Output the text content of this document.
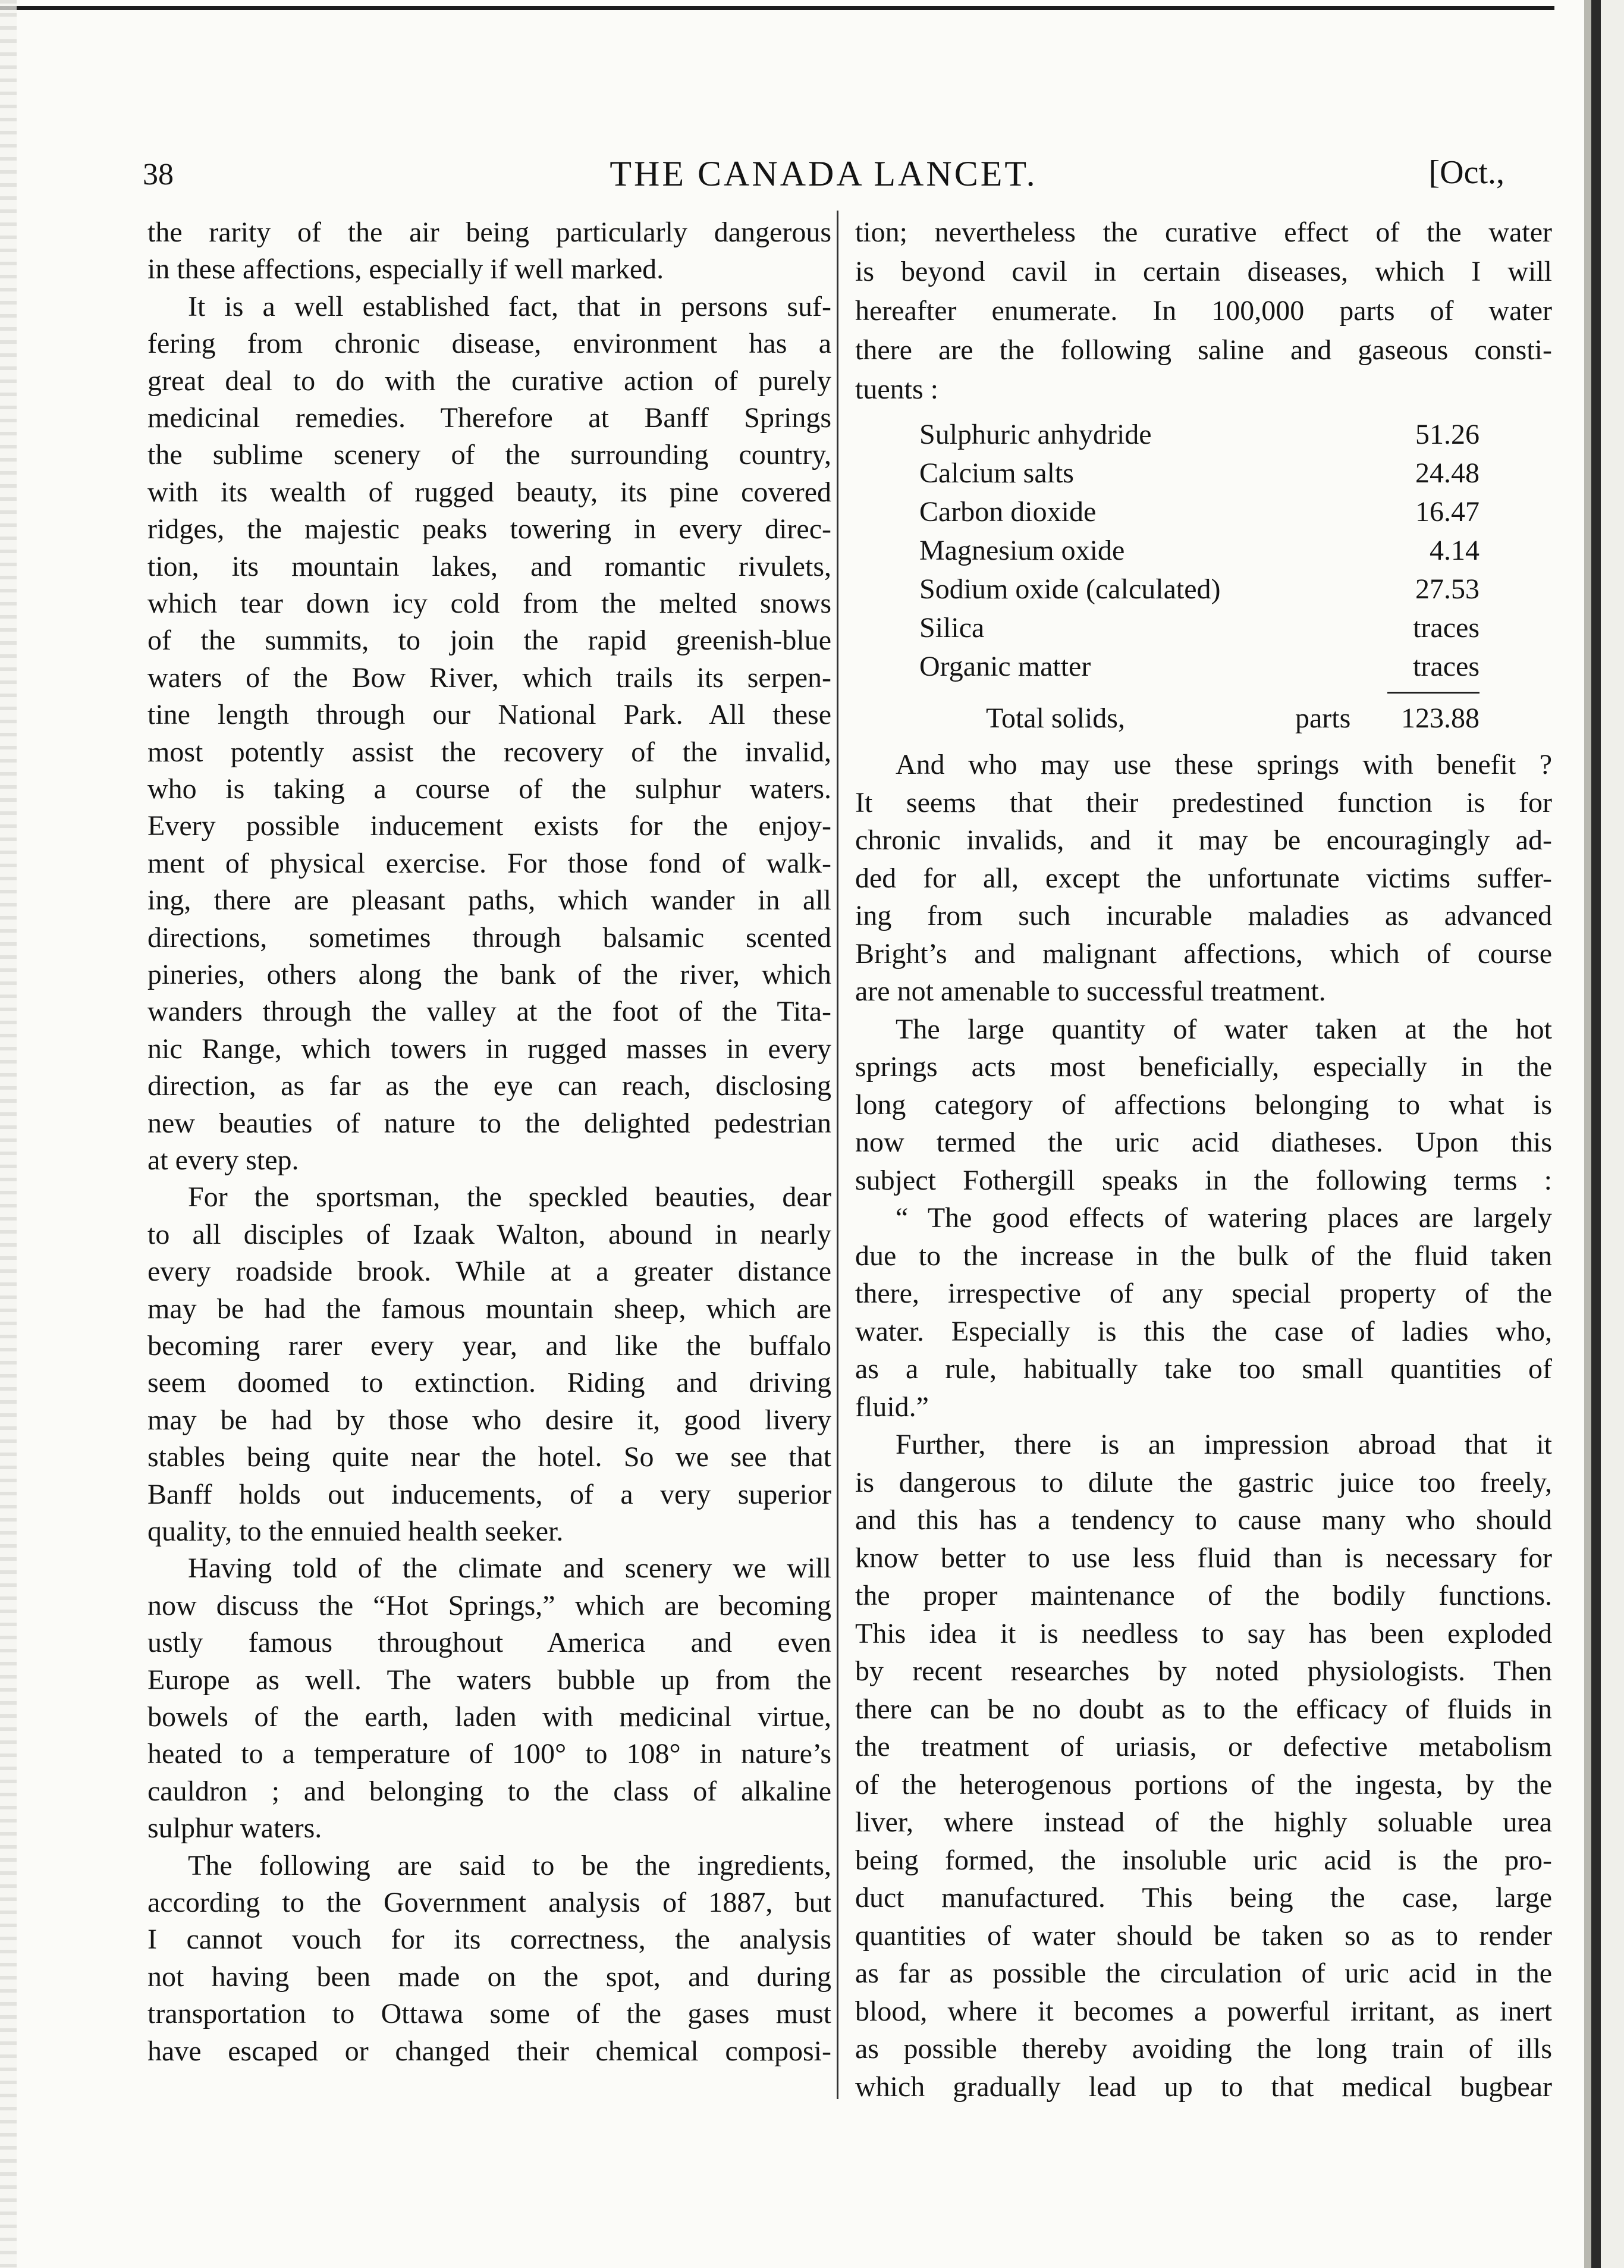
38	THE CANADA LANCET.	[Oct.,
the rarity of the air being particularly dangerous
in these affections, especially if well marked.
It is a well established fact, that in persons suf-
fering from chronic disease, environment has a
great deal to do with the curative action of purely
medicinal remedies. Therefore at Banff Springs
the sublime scenery of the surrounding country,
with its wealth of rugged beauty, its pine covered
ridges, the majestic peaks towering in every direc-
tion, its mountain lakes, and romantic rivulets,
which tear down icy cold from the melted snows
of the summits, to join the rapid greenish-blue
waters of the Bow River, which trails its serpen-
tine length through our National Park. All these
most potently assist the recovery of the invalid,
who is taking a course of the sulphur waters.
Every possible inducement exists for the enjoy-
ment of physical exercise. For those fond of walk-
ing, there are pleasant paths, which wander in all
directions, sometimes through balsamic scented
pineries, others along the bank of the river, which
wanders through the valley at the foot of the Tita-
nic Range, which towers in rugged masses in every
direction, as far as the eye can reach, disclosing
new beauties of nature to the delighted pedestrian
at every step.
For the sportsman, the speckled beauties, dear
to all disciples of Izaak Walton, abound in nearly
every roadside brook. While at a greater distance
may be had the famous mountain sheep, which are
becoming rarer every year, and like the buffalo
seem doomed to extinction. Riding and driving
may be had by those who desire it, good livery
stables being quite near the hotel. So we see that
Banff holds out inducements, of a very superior
quality, to the ennuied health seeker.
Having told of the climate and scenery we will
now discuss the “Hot Springs,” which are becoming
ustly famous throughout America and even
Europe as well. The waters bubble up from the
bowels of the earth, laden with medicinal virtue,
heated to a temperature of 100° to 108° in nature’s
cauldron ; and belonging to the class of alkaline
sulphur waters.
The following are said to be the ingredients,
according to the Government analysis of 1887, but
I cannot vouch for its correctness, the analysis
not having been made on the spot, and during
transportation to Ottawa some of the gases must
have escaped or changed their chemical composi-
tion; nevertheless the curative effect of the water
is beyond cavil in certain diseases, which I will
hereafter enumerate. In 100,000 parts of water
there are the following saline and gaseous consti-
tuents :
Sulphuric anhydride	51.26
Calcium salts	24.48
Carbon dioxide	16.47
Magnesium oxide	4.14
Sodium oxide (calculated)	27.53
Silica	traces
Organic matter	traces
Total solids,	parts	123.88
And who may use these springs with benefit ?
It seems that their predestined function is for
chronic invalids, and it may be encouragingly ad-
ded for all, except the unfortunate victims suffer-
ing from such incurable maladies as advanced
Bright’s and malignant affections, which of course
are not amenable to successful treatment.
The large quantity of water taken at the hot
springs acts most beneficially, especially in the
long category of affections belonging to what is
now termed the uric acid diatheses. Upon this
subject Fothergill speaks in the following terms :
“ The good effects of watering places are largely
due to the increase in the bulk of the fluid taken
there, irrespective of any special property of the
water. Especially is this the case of ladies who,
as a rule, habitually take too small quantities of
fluid.”
Further, there is an impression abroad that it
is dangerous to dilute the gastric juice too freely,
and this has a tendency to cause many who should
know better to use less fluid than is necessary for
the proper maintenance of the bodily functions.
This idea it is needless to say has been exploded
by recent researches by noted physiologists. Then
there can be no doubt as to the efficacy of fluids in
the treatment of uriasis, or defective metabolism
of the heterogenous portions of the ingesta, by the
liver, where instead of the highly soluable urea
being formed, the insoluble uric acid is the pro-
duct manufactured. This being the case, large
quantities of water should be taken so as to render
as far as possible the circulation of uric acid in the
blood, where it becomes a powerful irritant, as inert
as possible thereby avoiding the long train of ills
which gradually lead up to that medical bugbear
